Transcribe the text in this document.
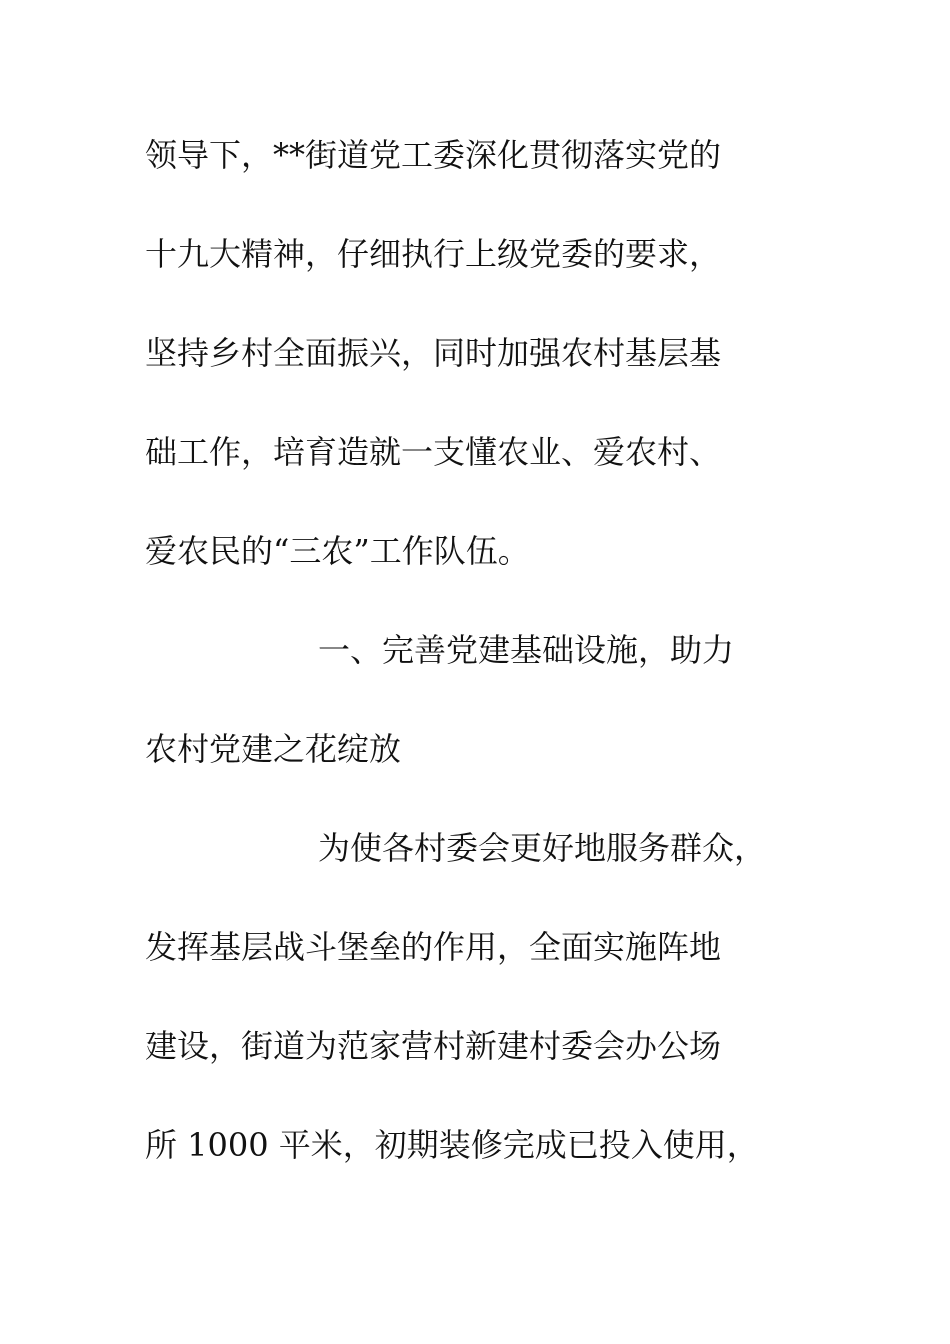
领导下，**街道党工委深化贯彻落实党的
十九大精神，仔细执行上级党委的要求，
坚持乡村全面振兴，同时加强农村基层基
础工作，培育造就一支懂农业、爱农村、
爱农民的“三农”工作队伍。
一、完善党建基础设施，助力
农村党建之花绽放
为使各村委会更好地服务群众，
发挥基层战斗堡垒的作用，全面实施阵地
建设，街道为范家营村新建村委会办公场
所 1000 平米，初期装修完成已投入使用，
